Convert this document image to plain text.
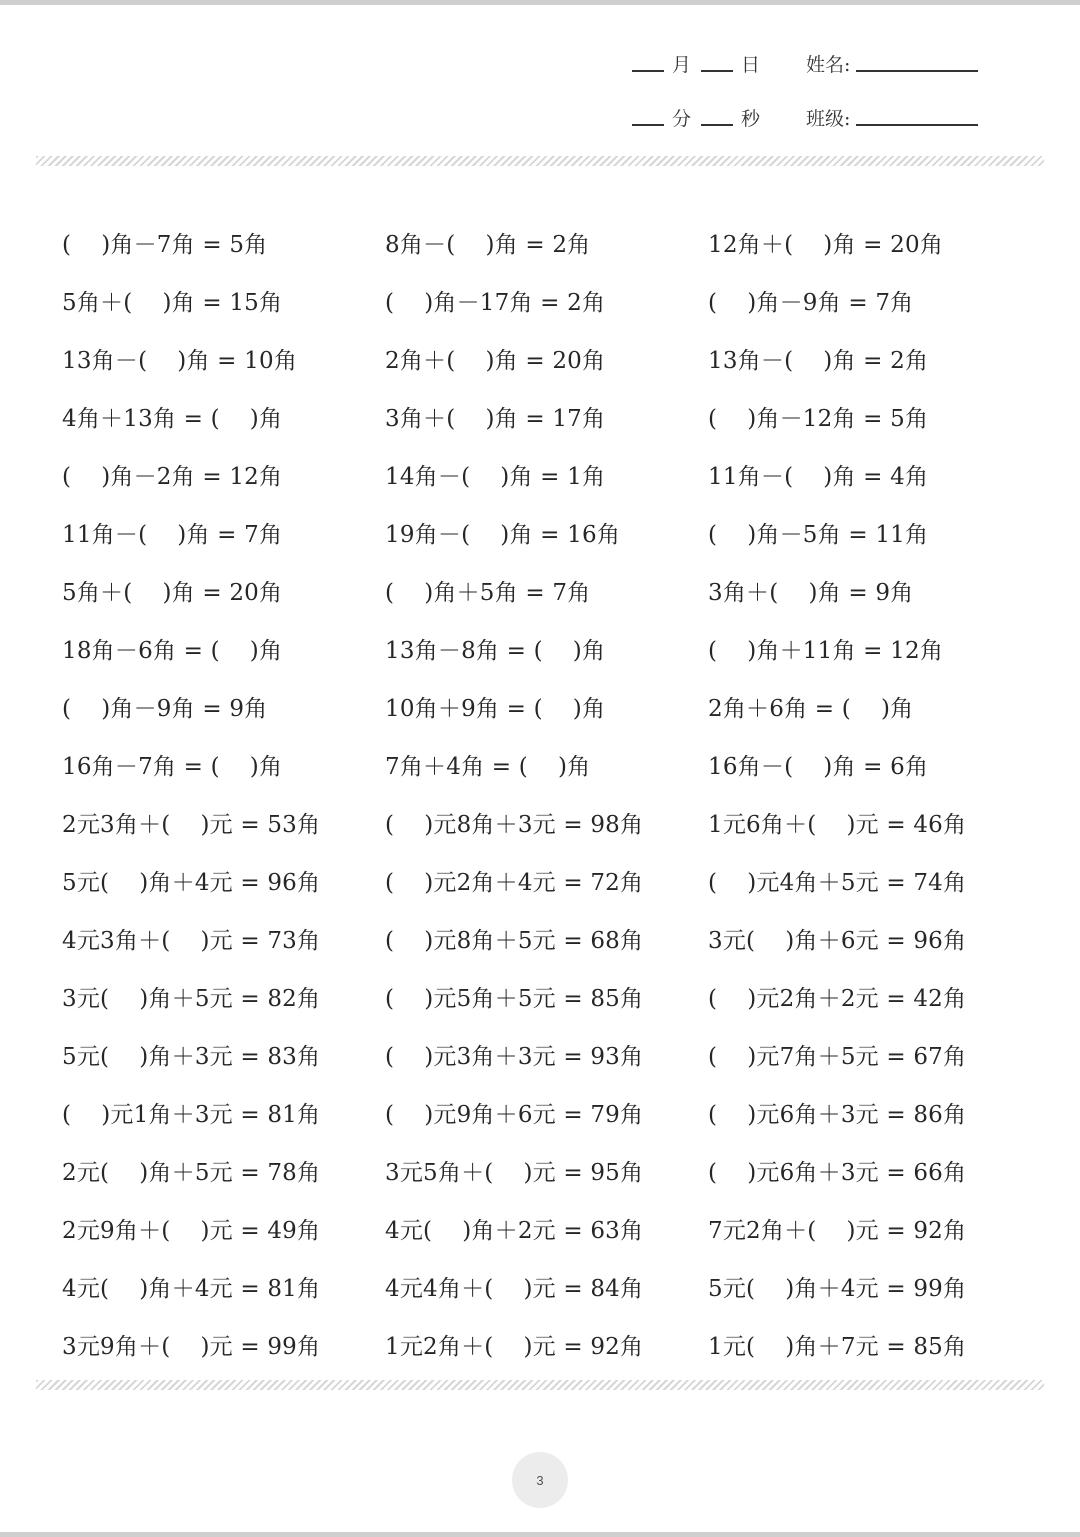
月	日 姓名:
分	秒 班级:
(    )角－7角 = 5角	8角－(    )角 = 2角	12角＋(    )角 = 20角
5角＋(    )角 = 15角	(    )角－17角 = 2角	(    )角－9角 = 7角
13角－(    )角 = 10角	2角＋(    )角 = 20角	13角－(    )角 = 2角
4角＋13角 = (    )角	3角＋(    )角 = 17角	(    )角－12角 = 5角
(    )角－2角 = 12角	14角－(    )角 = 1角	11角－(    )角 = 4角
11角－(    )角 = 7角	19角－(    )角 = 16角	(    )角－5角 = 11角
5角＋(    )角 = 20角	(    )角＋5角 = 7角	3角＋(    )角 = 9角
18角－6角 = (    )角	13角－8角 = (    )角	(    )角＋11角 = 12角
(    )角－9角 = 9角	10角＋9角 = (    )角	2角＋6角 = (    )角
16角－7角 = (    )角	7角＋4角 = (    )角	16角－(    )角 = 6角
2元3角＋(    )元 = 53角	(    )元8角＋3元 = 98角	1元6角＋(    )元 = 46角
5元(    )角＋4元 = 96角	(    )元2角＋4元 = 72角	(    )元4角＋5元 = 74角
4元3角＋(    )元 = 73角	(    )元8角＋5元 = 68角	3元(    )角＋6元 = 96角
3元(    )角＋5元 = 82角	(    )元5角＋5元 = 85角	(    )元2角＋2元 = 42角
5元(    )角＋3元 = 83角	(    )元3角＋3元 = 93角	(    )元7角＋5元 = 67角
(    )元1角＋3元 = 81角	(    )元9角＋6元 = 79角	(    )元6角＋3元 = 86角
2元(    )角＋5元 = 78角	3元5角＋(    )元 = 95角	(    )元6角＋3元 = 66角
2元9角＋(    )元 = 49角	4元(    )角＋2元 = 63角	7元2角＋(    )元 = 92角
4元(    )角＋4元 = 81角	4元4角＋(    )元 = 84角	5元(    )角＋4元 = 99角
3元9角＋(    )元 = 99角	1元2角＋(    )元 = 92角	1元(    )角＋7元 = 85角
3
